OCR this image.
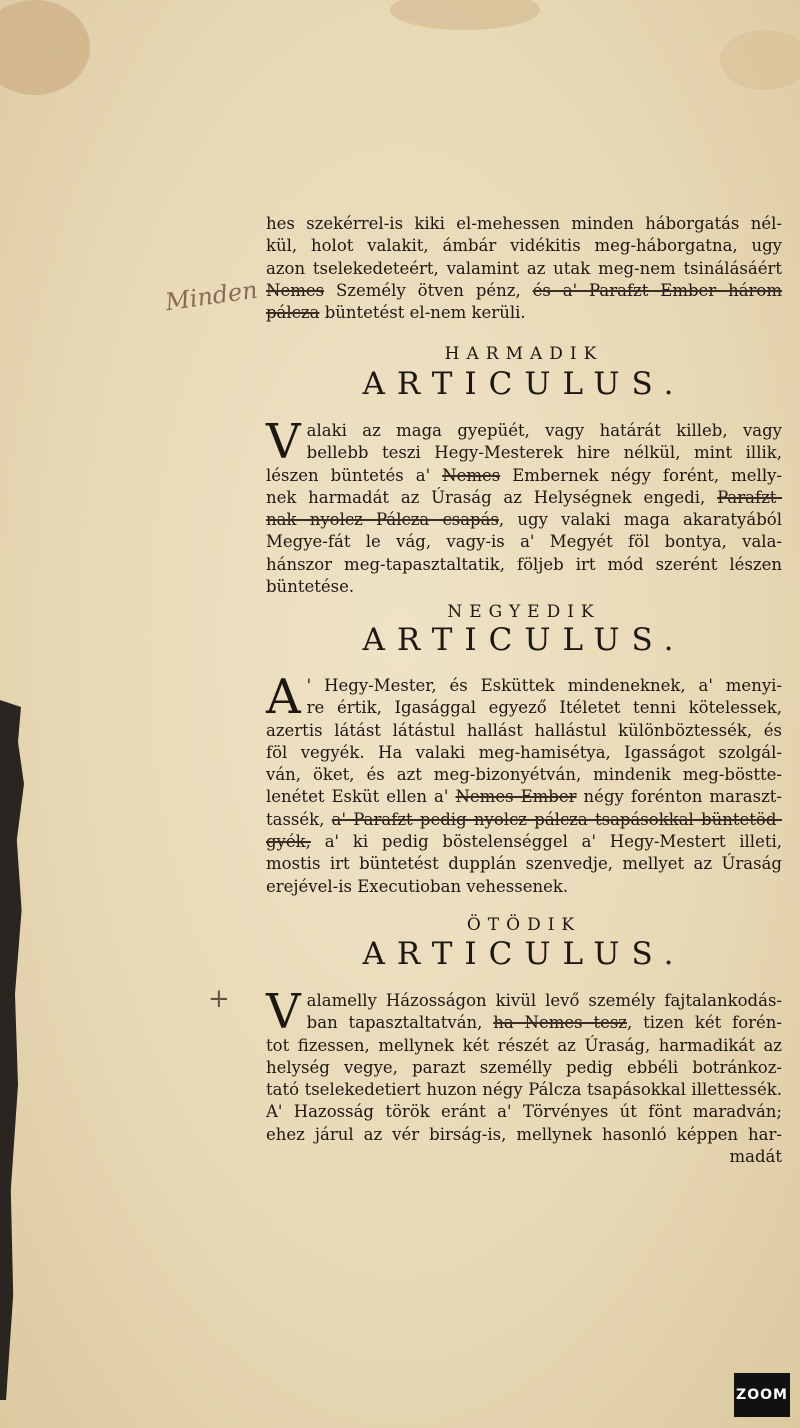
hes szekérrel-is kiki el-mehessen minden háborgatás nél-
kül, holot valakit, ámbár vidékitis meg-háborgatna, ugy
azon tselekedeteért, valamint az utak meg-nem tsinálásáért
Nemes Személy ötven pénz, és a' Parafzt Ember három
pálcza büntetést el-nem kerüli.
Minden
HARMADIK
ARTICULUS.
V alaki az maga gyepüét, vagy határát killeb, vagy
bellebb teszi Hegy-Mesterek hire nélkül, mint illik,
lészen büntetés a' Nemes Embernek négy forént, melly-
nek harmadát az Úraság az Helységnek engedi, Parafzt-
nak nyolcz Pálcza csapás, ugy valaki maga akaratyából
Megye-fát le vág, vagy-is a' Megyét föl bontya, vala-
hánszor meg-tapasztaltatik, följeb irt mód szerént lészen
büntetése.
NEGYEDIK
ARTICULUS.
A ' Hegy-Mester, és Esküttek mindeneknek, a' menyi-
re értik, Igasággal egyező Itéletet tenni kötelessek,
azertis látást látástul hallást hallástul különböztessék, és
föl vegyék. Ha valaki meg-hamisétya, Igasságot szolgál-
ván, öket, és azt meg-bizonyétván, mindenik meg-böstte-
lenétet Esküt ellen a' Nemes Ember négy forénton maraszt-
tassék, a' Parafzt pedig nyolcz pálcza tsapásokkal büntetöd-
gyék, a' ki pedig böstelenséggel a' Hegy-Mestert illeti,
mostis irt büntetést dupplán szenvedje, mellyet az Úraság
erejével-is Executioban vehessenek.
ÖTÖDIK
ARTICULUS.
V alamelly Házosságon kivül levő személy fajtalankodás-
ban tapasztaltatván, ha Nemes tesz, tizen két forén-
tot fizessen, mellynek két részét az Úraság, harmadikát az
helység vegye, parazt személly pedig ebbéli botránkoz-
tató tselekedetiert huzon négy Pálcza tsapásokkal illettessék.
A' Hazosság török eránt a' Törvényes út fönt maradván;
ehez járul az vér birság-is, mellynek hasonló képpen har-
madát
+
ZOOM
